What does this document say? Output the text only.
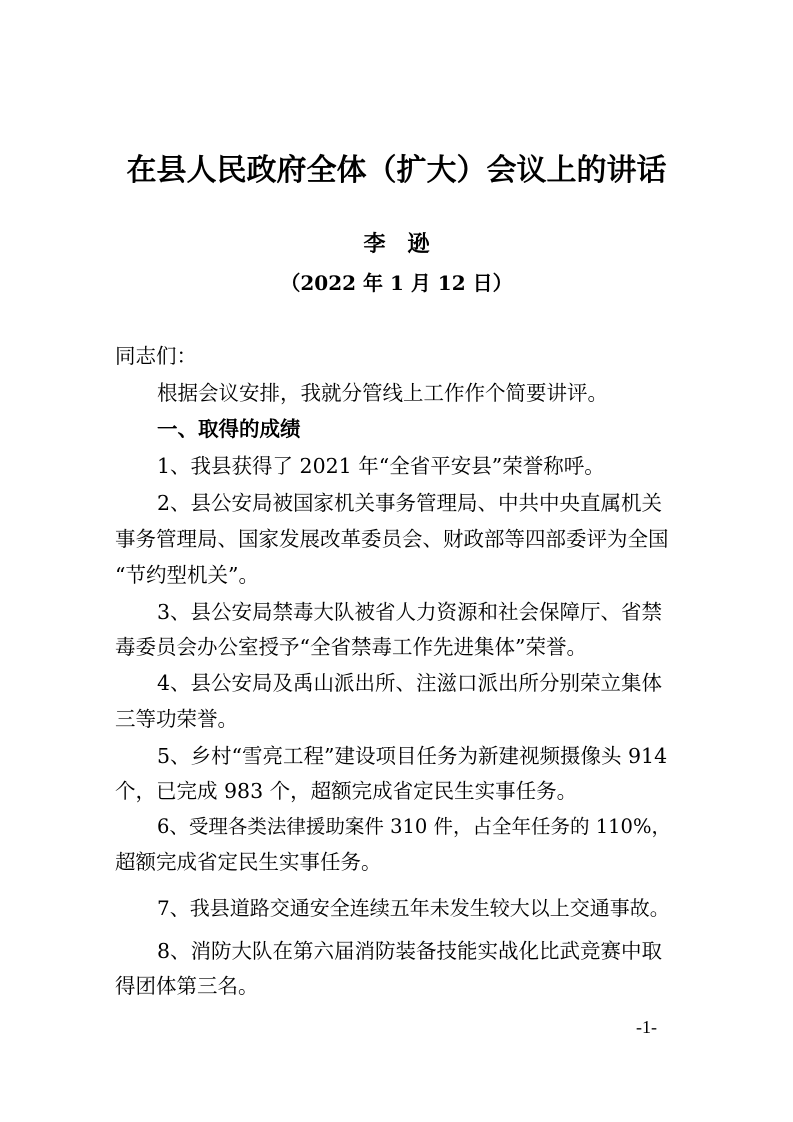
在县人民政府全体（扩大）会议上的讲话
李　逊
（2022 年 1 月 12 日）
同志们：
根据会议安排，我就分管线上工作作个简要讲评。
一、取得的成绩
1、我县获得了 2021 年“全省平安县”荣誉称呼。
2、县公安局被国家机关事务管理局、中共中央直属机关
事务管理局、国家发展改革委员会、财政部等四部委评为全国
“节约型机关”。
3、县公安局禁毒大队被省人力资源和社会保障厅、省禁
毒委员会办公室授予“全省禁毒工作先进集体”荣誉。
4、县公安局及禹山派出所、注滋口派出所分别荣立集体
三等功荣誉。
5、乡村“雪亮工程”建设项目任务为新建视频摄像头 914
个，已完成 983 个，超额完成省定民生实事任务。
6、受理各类法律援助案件 310 件，占全年任务的 110%，
超额完成省定民生实事任务。
7、我县道路交通安全连续五年未发生较大以上交通事故。
8、消防大队在第六届消防装备技能实战化比武竞赛中取
得团体第三名。
-1-
